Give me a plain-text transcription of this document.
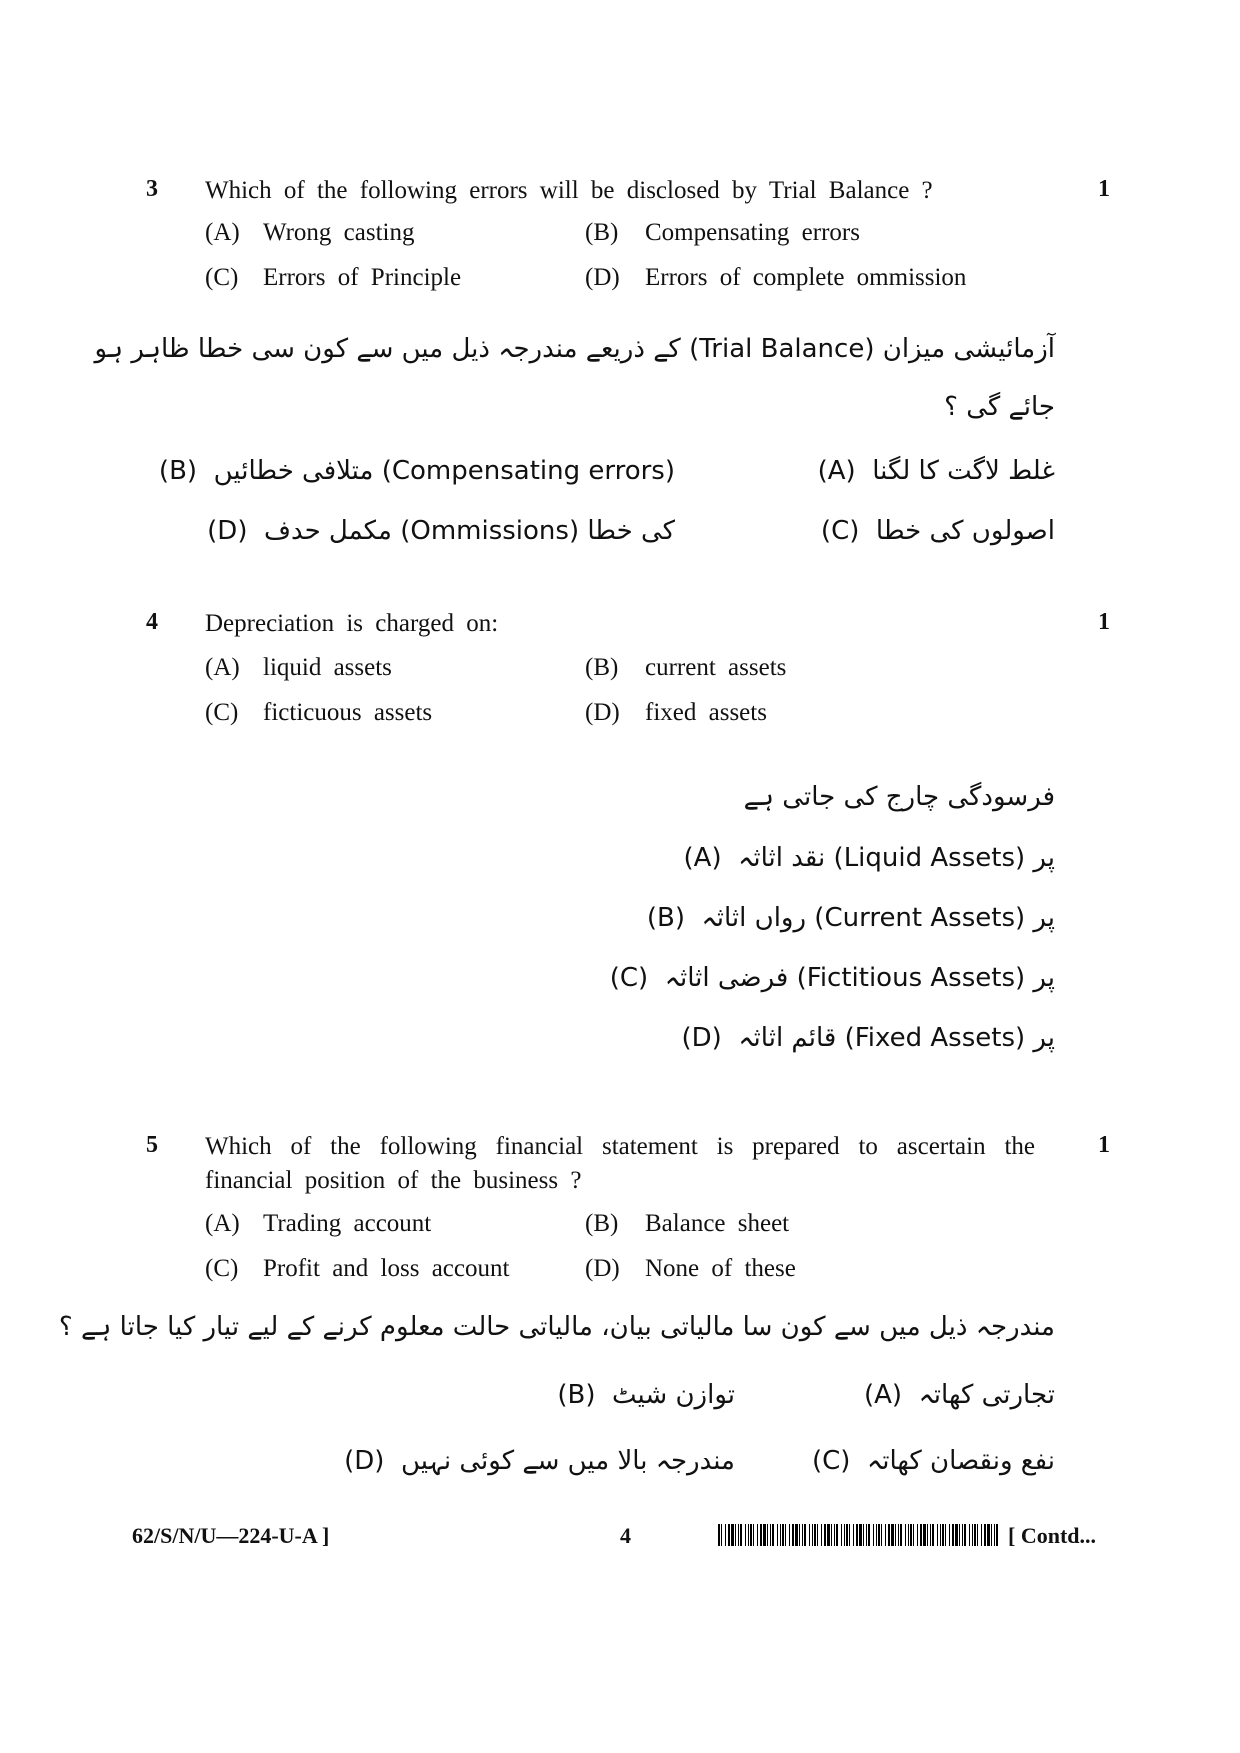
3 Which of the following errors will be disclosed by Trial Balance ?	1
(A) Wrong casting	(B) Compensating errors
(C) Errors of Principle	(D) Errors of complete ommission
آزمائیشی میزان (Trial Balance) کے ذریعے مندرجہ ذیل میں سے کون سی خطا ظاہر ہو
جائے گی ؟
(A) غلط لاگت کا لگنا
(B) متلافی خطائیں (Compensating errors)
(C) اصولوں کی خطا
(D) مکمل حدف (Ommissions) کی خطا
4 Depreciation is charged on:	1
(A) liquid assets	(B) current assets
(C) ficticuous assets	(D) fixed assets
فرسودگی چارج کی جاتی ہے
(A) نقد اثاثہ (Liquid Assets) پر
(B) رواں اثاثہ (Current Assets) پر
(C) فرضی اثاثہ (Fictitious Assets) پر
(D) قائم اثاثہ (Fixed Assets) پر
5 Which of the following financial statement is prepared to ascertain the financial position of the business ?
1
(A) Trading account	(B) Balance sheet
(C) Profit and loss account	(D) None of these
مندرجہ ذیل میں سے کون سا مالیاتی بیان، مالیاتی حالت معلوم کرنے کے لیے تیار کیا جاتا ہے ؟
(A) تجارتی کھاتہ
(B) توازن شیٹ
(C) نفع ونقصان کھاتہ
(D) مندرجہ بالا میں سے کوئی نہیں
62/S/N/U—224-U-A ]	4	[ Contd...
